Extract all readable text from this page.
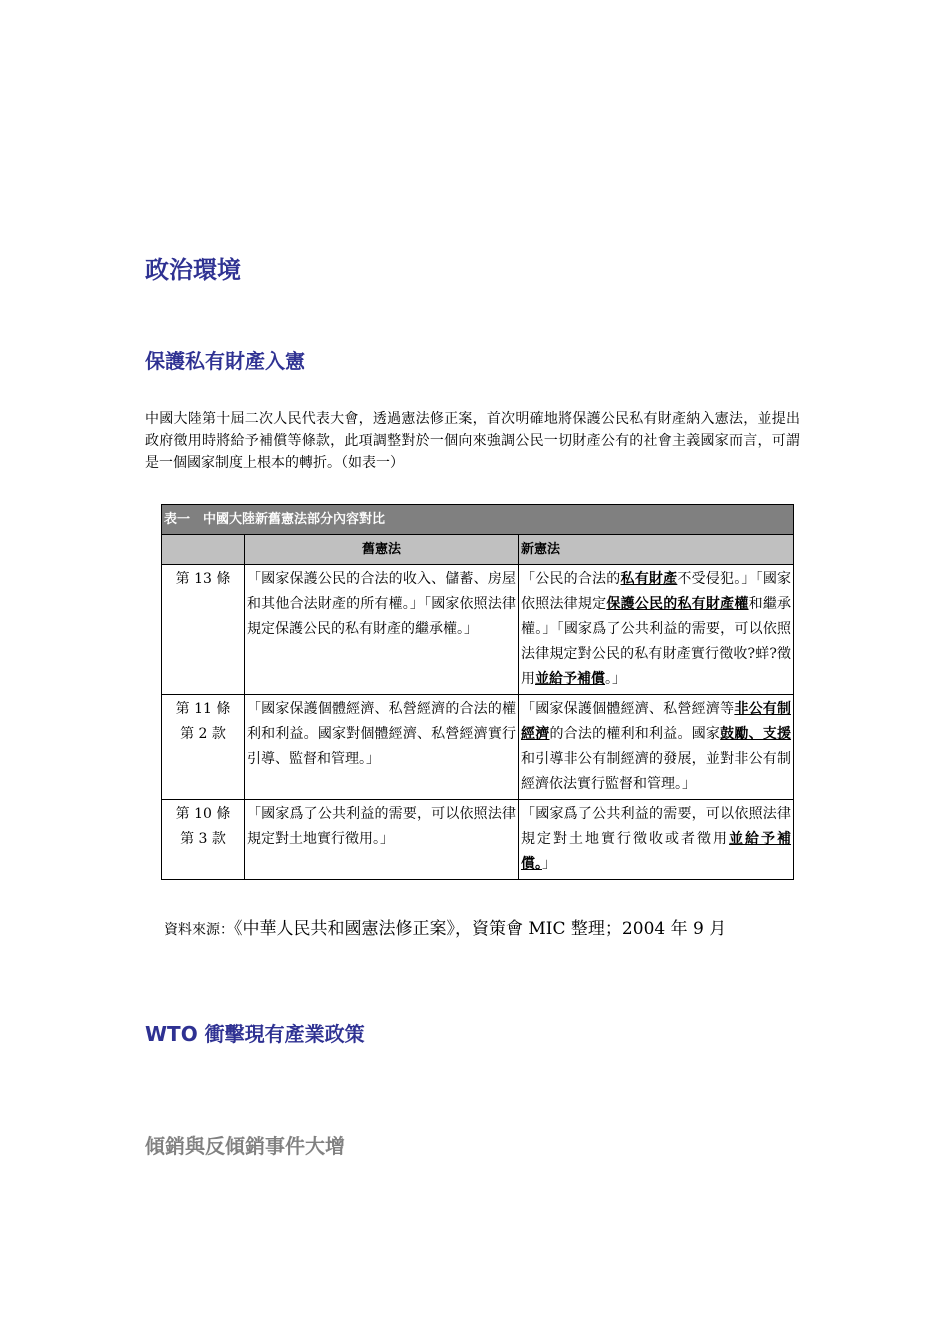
政治環境
保護私有財產入憲

中國大陸第十屆二次人民代表大會，透過憲法修正案，首次明確地將保護公民私有財產納入憲法，並提出政府徵用時將給予補償等條款，此項調整對於一個向來強調公民一切財產公有的社會主義國家而言，可謂是一個國家制度上根本的轉折。（如表一）

表一　中國大陸新舊憲法部分內容對比		
	舊憲法	新憲法

第 13 條	「國家保護公民的合法的收入、儲蓄、房屋和其他合法財產的所有權。」「國家依照法律規定保護公民的私有財產的繼承權。」	「公民的合法的私有財產不受侵犯。」「國家依照法律規定保護公民的私有財產權和繼承權。」「國家爲了公共利益的需要，可以依照法律規定對公民的私有財產實行徵收?蛘?徵用並給予補償。」

第 11 條
第 2 款	「國家保護個體經濟、私營經濟的合法的權利和利益。國家對個體經濟、私營經濟實行引導、監督和管理。」	「國家保護個體經濟、私營經濟等非公有制經濟的合法的權利和利益。國家鼓勵、支援和引導非公有制經濟的發展，並對非公有制經濟依法實行監督和管理。」

第 10 條
第 3 款	「國家爲了公共利益的需要，可以依照法律規定對土地實行徵用。」	「國家爲了公共利益的需要，可以依照法律規定對土地實行徵收或者徵用並給予補償。」

資料來源：《中華人民共和國憲法修正案》，資策會 MIC 整理；2004 年 9 月

WTO 衝擊現有產業政策
傾銷與反傾銷事件大增
